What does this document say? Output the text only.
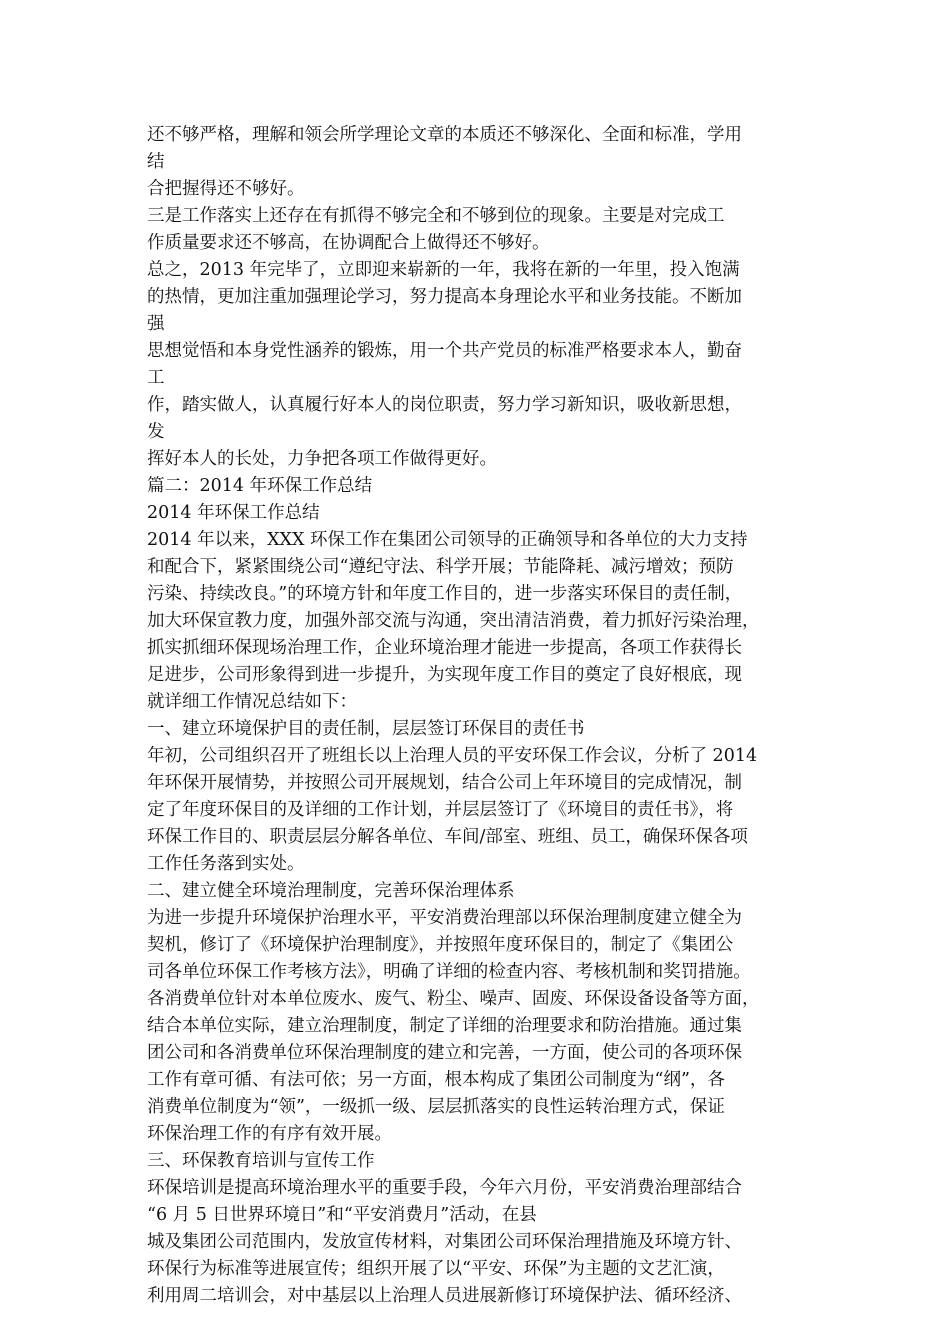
还不够严格，理解和领会所学理论文章的本质还不够深化、全面和标准，学用
结
合把握得还不够好。
三是工作落实上还存在有抓得不够完全和不够到位的现象。主要是对完成工
作质量要求还不够高，在协调配合上做得还不够好。
总之，2013 年完毕了，立即迎来崭新的一年，我将在新的一年里，投入饱满
的热情，更加注重加强理论学习，努力提高本身理论水平和业务技能。不断加
强
思想觉悟和本身党性涵养的锻炼，用一个共产党员的标准严格要求本人，勤奋
工
作，踏实做人，认真履行好本人的岗位职责，努力学习新知识，吸收新思想，
发
挥好本人的长处，力争把各项工作做得更好。
篇二：2014 年环保工作总结
2014 年环保工作总结
2014 年以来，XXX 环保工作在集团公司领导的正确领导和各单位的大力支持
和配合下，紧紧围绕公司“遵纪守法、科学开展；节能降耗、减污增效；预防
污染、持续改良。”的环境方针和年度工作目的，进一步落实环保目的责任制，
加大环保宣教力度，加强外部交流与沟通，突出清洁消费，着力抓好污染治理，
抓实抓细环保现场治理工作，企业环境治理才能进一步提高，各项工作获得长
足进步，公司形象得到进一步提升，为实现年度工作目的奠定了良好根底，现
就详细工作情况总结如下：
一、建立环境保护目的责任制，层层签订环保目的责任书
年初，公司组织召开了班组长以上治理人员的平安环保工作会议，分析了 2014
年环保开展情势，并按照公司开展规划，结合公司上年环境目的完成情况，制
定了年度环保目的及详细的工作计划，并层层签订了《环境目的责任书》，将
环保工作目的、职责层层分解各单位、车间/部室、班组、员工，确保环保各项
工作任务落到实处。
二、建立健全环境治理制度，完善环保治理体系
为进一步提升环境保护治理水平，平安消费治理部以环保治理制度建立健全为
契机，修订了《环境保护治理制度》，并按照年度环保目的，制定了《集团公
司各单位环保工作考核方法》，明确了详细的检查内容、考核机制和奖罚措施。
各消费单位针对本单位废水、废气、粉尘、噪声、固废、环保设备设备等方面，
结合本单位实际，建立治理制度，制定了详细的治理要求和防治措施。通过集
团公司和各消费单位环保治理制度的建立和完善，一方面，使公司的各项环保
工作有章可循、有法可依；另一方面，根本构成了集团公司制度为“纲”，各
消费单位制度为“领”，一级抓一级、层层抓落实的良性运转治理方式，保证
环保治理工作的有序有效开展。
三、环保教育培训与宣传工作
环保培训是提高环境治理水平的重要手段，今年六月份，平安消费治理部结合
“6 月 5 日世界环境日”和“平安消费月”活动，在县
城及集团公司范围内，发放宣传材料，对集团公司环保治理措施及环境方针、
环保行为标准等进展宣传；组织开展了以“平安、环保”为主题的文艺汇演，
利用周二培训会，对中基层以上治理人员进展新修订环境保护法、循环经济、
